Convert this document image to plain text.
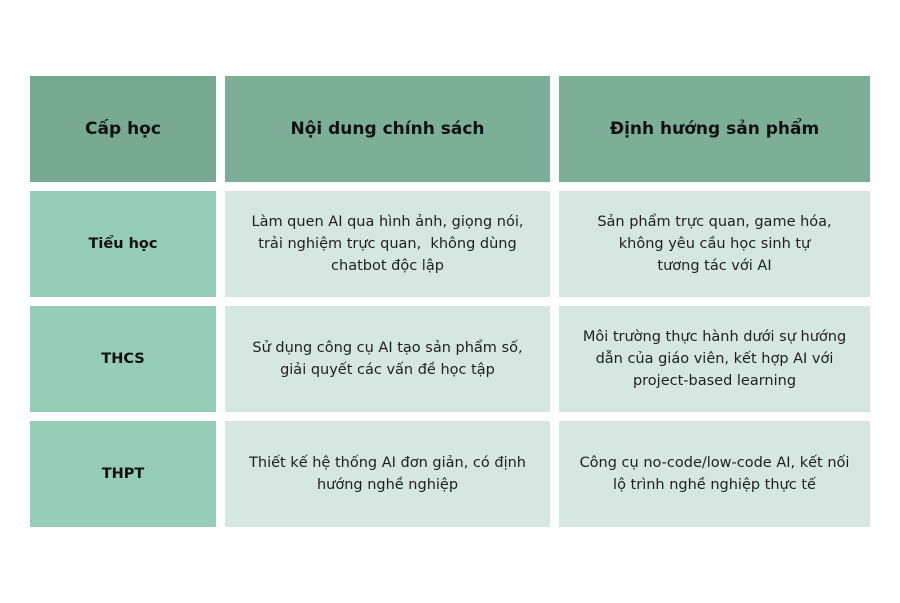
Cấp học	Nội dung chính sách	Định hướng sản phẩm
Tiểu học
Làm quen AI qua hình ảnh, giọng nói,
trải nghiệm trực quan,  không dùng
chatbot độc lập
Sản phẩm trực quan, game hóa,
không yêu cầu học sinh tự
tương tác với AI
THCS
Sử dụng công cụ AI tạo sản phẩm số,
giải quyết các vấn đề học tập
Môi trường thực hành dưới sự hướng
dẫn của giáo viên, kết hợp AI với
project-based learning
THPT
Thiết kế hệ thống AI đơn giản, có định
hướng nghề nghiệp
Công cụ no-code/low-code AI, kết nối
lộ trình nghề nghiệp thực tế
